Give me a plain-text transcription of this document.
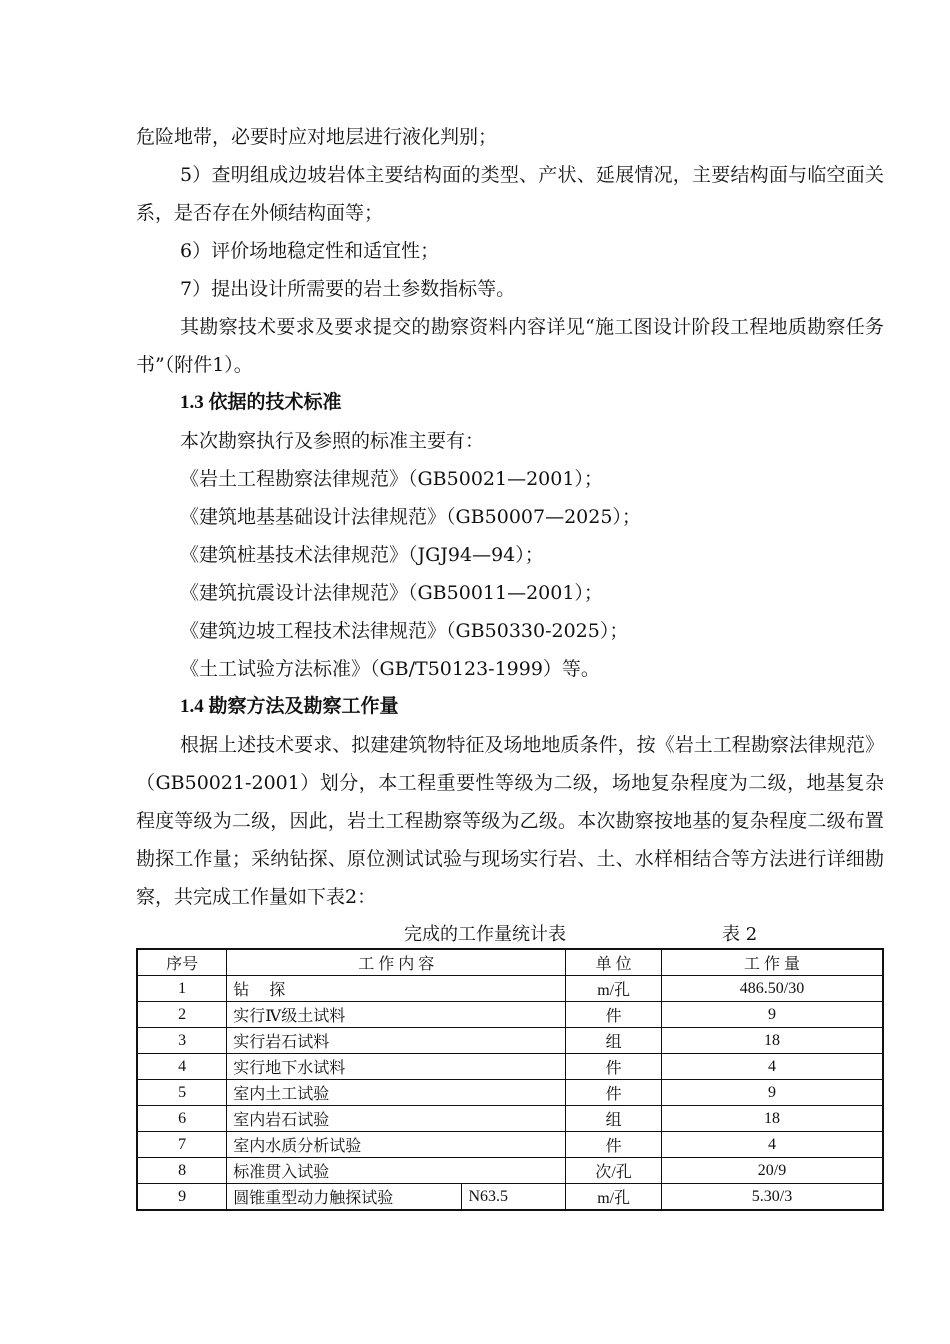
危险地带，必要时应对地层进行液化判别；

5）查明组成边坡岩体主要结构面的类型、产状、延展情况，主要结构面与临空面关系，是否存在外倾结构面等；

6）评价场地稳定性和适宜性；

7）提出设计所需要的岩土参数指标等。

其勘察技术要求及要求提交的勘察资料内容详见“施工图设计阶段工程地质勘察任务书”（附件1）。

1.3 依据的技术标准

本次勘察执行及参照的标准主要有：

《岩土工程勘察法律规范》（GB50021—2001）；

《建筑地基基础设计法律规范》（GB50007—2025）；

《建筑桩基技术法律规范》（JGJ94—94）；

《建筑抗震设计法律规范》（GB50011—2001）；

《建筑边坡工程技术法律规范》（GB50330-2025）；

《土工试验方法标准》（GB/T50123-1999）等。

1.4 勘察方法及勘察工作量

根据上述技术要求、拟建建筑物特征及场地地质条件，按《岩土工程勘察法律规范》（GB50021-2001）划分，本工程重要性等级为二级，场地复杂程度为二级，地基复杂程度等级为二级，因此，岩土工程勘察等级为乙级。本次勘察按地基的复杂程度二级布置勘探工作量；采纳钻探、原位测试试验与现场实行岩、土、水样相结合等方法进行详细勘察，共完成工作量如下表2：

完成的工作量统计表	表 2
序号	工 作 内 容		单 位	工 作 量
1	钻　 探		m/孔	486.50/30
2	实行Ⅳ级土试料		件	9
3	实行岩石试料		组	18
4	实行地下水试料		件	4
5	室内土工试验		件	9
6	室内岩石试验		组	18
7	室内水质分析试验		件	4
8	标准贯入试验		次/孔	20/9
9	圆锥重型动力触探试验	N63.5	m/孔	5.30/3
